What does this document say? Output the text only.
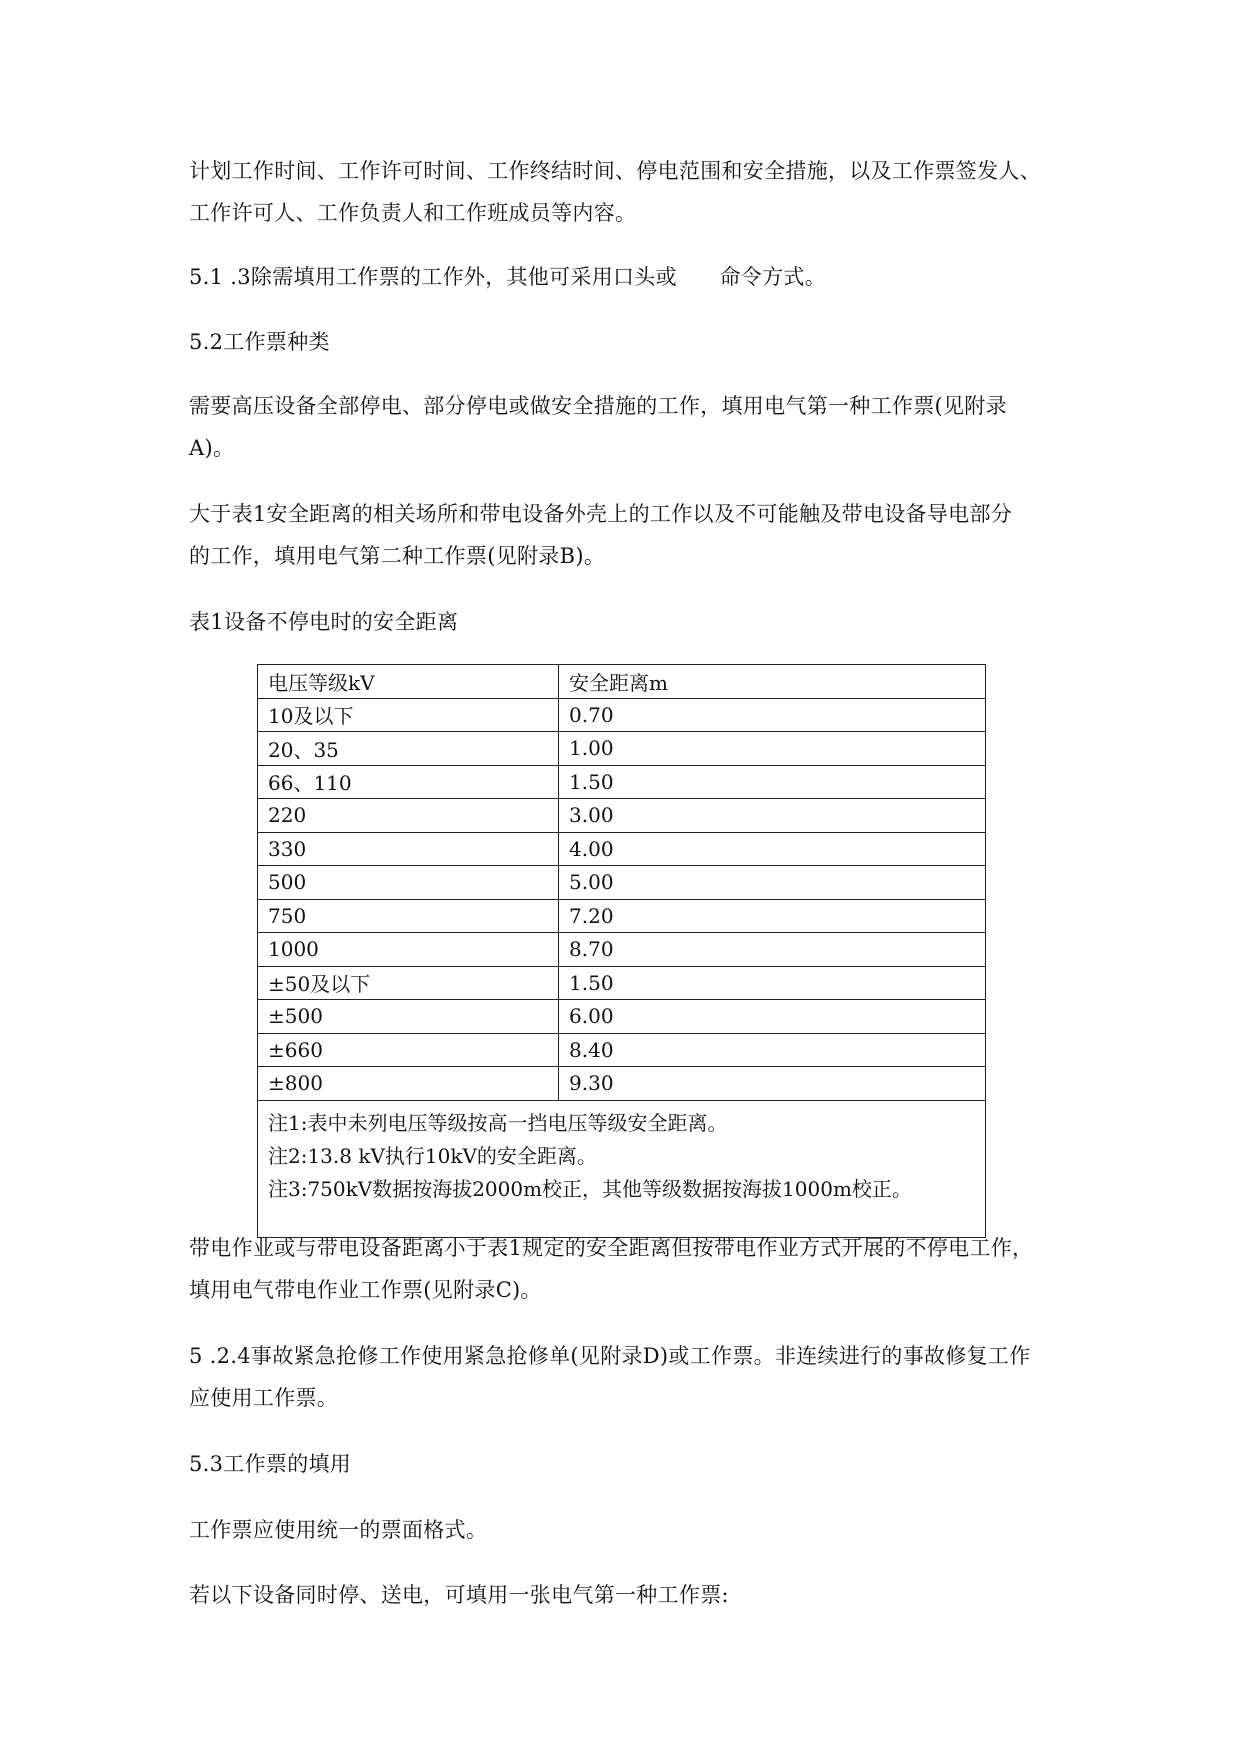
计划工作时间、工作许可时间、工作终结时间、停电范围和安全措施，以及工作票签发人、
工作许可人、工作负责人和工作班成员等内容。
5.1 .3除需填用工作票的工作外，其他可采用口头或　　命令方式。
5.2工作票种类
需要高压设备全部停电、部分停电或做安全措施的工作，填用电气第一种工作票(见附录
A)。
大于表1安全距离的相关场所和带电设备外壳上的工作以及不可能触及带电设备导电部分
的工作，填用电气第二种工作票(见附录B)。
表1设备不停电时的安全距离
电压等级kV	安全距离m
10及以下	0.70
20、35	1.00
66、110	1.50
220	3.00
330	4.00
500	5.00
750	7.20
1000	8.70
±50及以下	1.50
±500	6.00
±660	8.40
±800	9.30

注1:表中未列电压等级按高一挡电压等级安全距离。
注2:13.8 kV执行10kV的安全距离。
注3:750kV数据按海拔2000m校正，其他等级数据按海拔1000m校正。	
带电作业或与带电设备距离小于表1规定的安全距离但按带电作业方式开展的不停电工作，
填用电气带电作业工作票(见附录C)。
5 .2.4事故紧急抢修工作使用紧急抢修单(见附录D)或工作票。非连续进行的事故修复工作
应使用工作票。
5.3工作票的填用
工作票应使用统一的票面格式。
若以下设备同时停、送电，可填用一张电气第一种工作票:
